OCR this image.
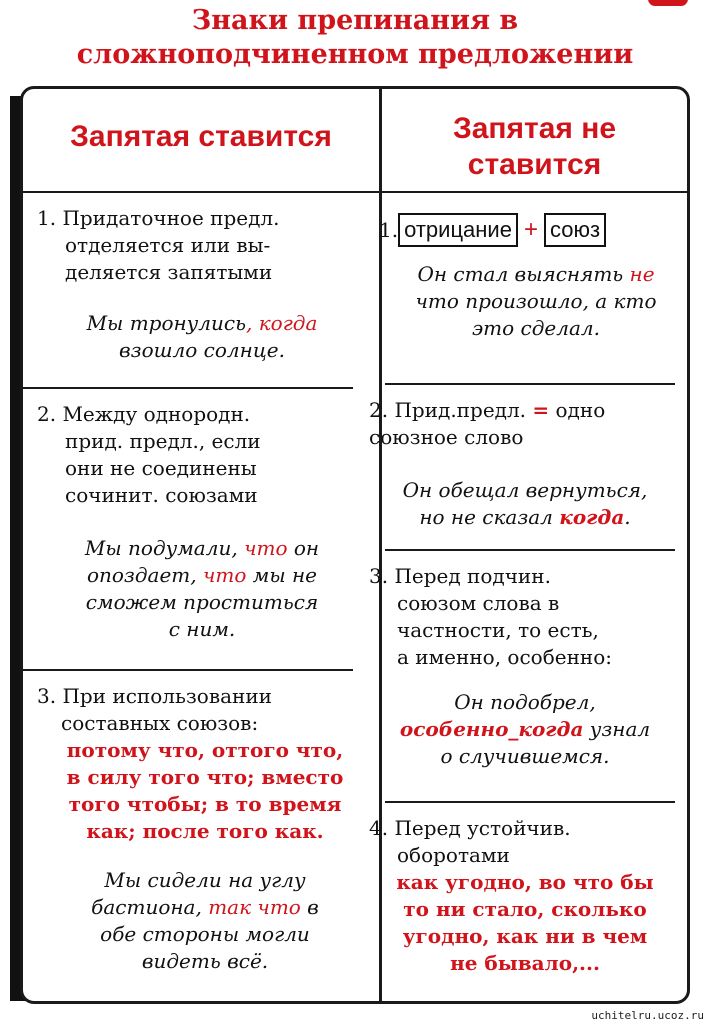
Знаки препинания в
сложноподчиненном предложении
Запятая ставится	Запятая не
ставится
1. Придаточное предл.
отделяется или вы-
деляется запятыми
Мы тронулись, когда
взошло солнце.
2. Между однородн.
прид. предл., если
они не соединены
сочинит. союзами
Мы подумали, что он
опоздает, что мы не
сможем проститься
с ним.
3. При использовании
составных союзов:
потому что, оттого что,
в силу того что; вместо
того чтобы; в то время
как; после того как.
Мы сидели на углу
бастиона, так что в
обе стороны могли
видеть всё.
1. отрицание + союз
Он стал выяснять не
что произошло, а кто
это сделал.
2. Прид.предл. = одно
союзное слово
Он обещал вернуться,
но не сказал когда.
3. Перед подчин.
союзом слова в
частности, то есть,
а именно, особенно:
Он подобрел,
особенно_когда узнал
о случившемся.
4. Перед устойчив.
оборотами
как угодно, во что бы
то ни стало, сколько
угодно, как ни в чем
не бывало,...
uchitelru.ucoz.ru
